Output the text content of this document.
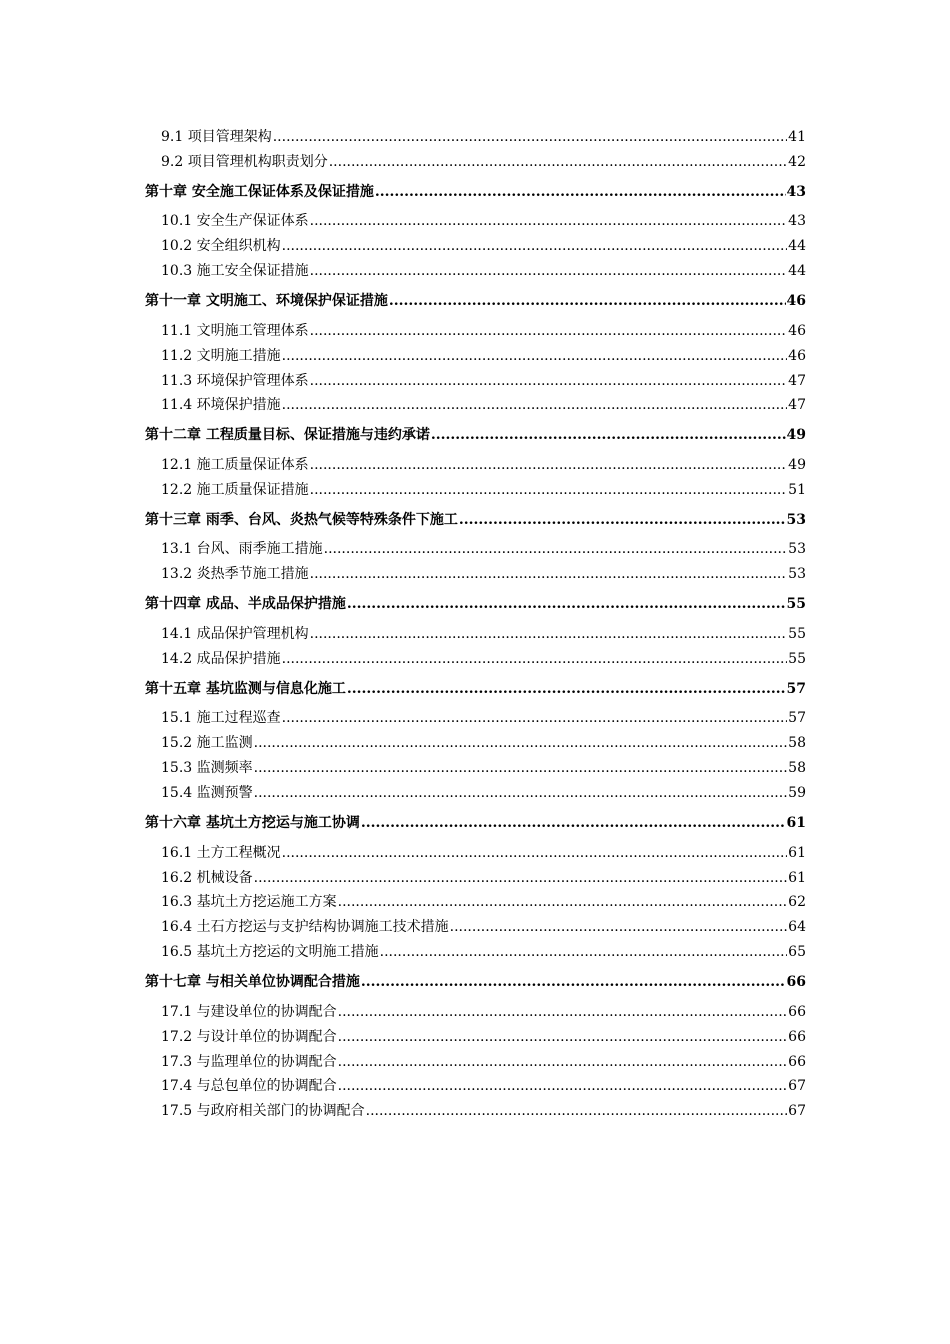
9.1 项目管理架构 .....	41
9.2 项目管理机构职责划分 .....	42
第十章 安全施工保证体系及保证措施 .....	43
10.1 安全生产保证体系 .....	43
10.2 安全组织机构 .....	44
10.3 施工安全保证措施 .....	44
第十一章 文明施工、环境保护保证措施 .....	46
11.1 文明施工管理体系 .....	46
11.2 文明施工措施 .....	46
11.3 环境保护管理体系 .....	47
11.4 环境保护措施 .....	47
第十二章 工程质量目标、保证措施与违约承诺 .....	49
12.1 施工质量保证体系 .....	49
12.2 施工质量保证措施 .....	51
第十三章 雨季、台风、炎热气候等特殊条件下施工 .....	53
13.1 台风、雨季施工措施 .....	53
13.2 炎热季节施工措施 .....	53
第十四章 成品、半成品保护措施 .....	55
14.1 成品保护管理机构 .....	55
14.2 成品保护措施 .....	55
第十五章 基坑监测与信息化施工 .....	57
15.1 施工过程巡查 .....	57
15.2 施工监测 .....	58
15.3 监测频率 .....	58
15.4 监测预警 .....	59
第十六章 基坑土方挖运与施工协调 .....	61
16.1 土方工程概况 .....	61
16.2 机械设备 .....	61
16.3 基坑土方挖运施工方案 .....	62
16.4 土石方挖运与支护结构协调施工技术措施 .....	64
16.5 基坑土方挖运的文明施工措施 .....	65
第十七章 与相关单位协调配合措施 .....	66
17.1 与建设单位的协调配合 .....	66
17.2 与设计单位的协调配合 .....	66
17.3 与监理单位的协调配合 .....	66
17.4 与总包单位的协调配合 .....	67
17.5 与政府相关部门的协调配合 .....	67
